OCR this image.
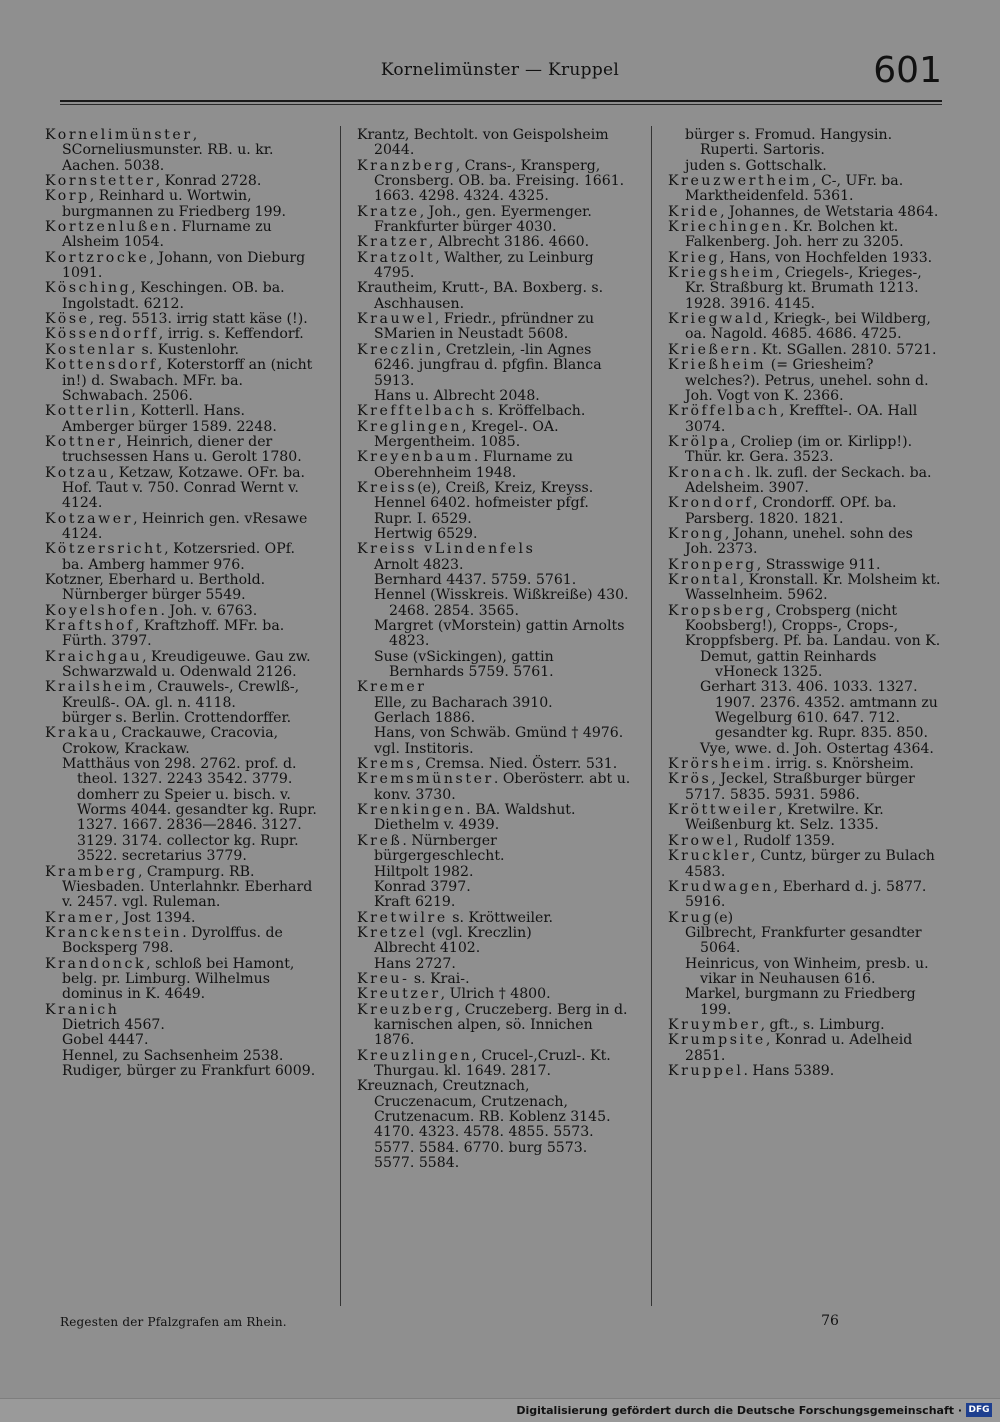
Kornelimünster — Kruppel	601

Kornelimünster, SCorneliusmunster. RB. u. kr. Aachen. 5038.

Kornstetter, Konrad 2728.

Korp, Reinhard u. Wortwin, burgmannen zu Friedberg 199.

Kortzenlußen. Flurname zu Alsheim 1054.

Kortzrocke, Johann, von Dieburg 1091.

Kösching, Keschingen. OB. ba. Ingolstadt. 6212.

Köse, reg. 5513. irrig statt käse (!).

Kössendorff, irrig. s. Keffendorf.

Kostenlar s. Kustenlohr.

Kottensdorf, Koterstorff an (nicht in!) d. Swabach. MFr. ba. Schwabach. 2506.

Kotterlin, Kotterll. Hans. Amberger bürger 1589. 2248.

Kottner, Heinrich, diener der truchsessen Hans u. Gerolt 1780.

Kotzau, Ketzaw, Kotzawe. OFr. ba. Hof. Taut v. 750. Conrad Wernt v. 4124.

Kotzawer, Heinrich gen. vResawe 4124.

Kötzersricht, Kotzersried. OPf. ba. Amberg hammer 976.

Kotzner, Eberhard u. Berthold. Nürnberger bürger 5549.

Koyelshofen. Joh. v. 6763.

Kraftshof, Kraftzhoff. MFr. ba. Fürth. 3797.

Kraichgau, Kreudigeuwe. Gau zw. Schwarzwald u. Odenwald 2126.

Krailsheim, Crauwels-, Crewlß-, Kreulß-. OA. gl. n. 4118.

bürger s. Berlin. Crottendorffer.

Krakau, Crackauwe, Cracovia, Crokow, Krackaw.

Matthäus von 298. 2762. prof. d. theol. 1327. 2243 3542. 3779. domherr zu Speier u. bisch. v. Worms 4044. gesandter kg. Rupr. 1327. 1667. 2836—2846. 3127. 3129. 3174. collector kg. Rupr. 3522. secretarius 3779.

Kramberg, Crampurg. RB. Wiesbaden. Unterlahnkr. Eberhard v. 2457. vgl. Ruleman.

Kramer, Jost 1394.

Kranckenstein. Dyrolffus. de Bocksperg 798.

Krandonck, schloß bei Hamont, belg. pr. Limburg. Wilhelmus dominus in K. 4649.

Kranich

Dietrich 4567.

Gobel 4447.

Hennel, zu Sachsenheim 2538.

Rudiger, bürger zu Frankfurt 6009.

Krantz, Bechtolt. von Geispolsheim 2044.

Kranzberg, Crans-, Kransperg, Cronsberg. OB. ba. Freising. 1661. 1663. 4298. 4324. 4325.

Kratze, Joh., gen. Eyermenger. Frankfurter bürger 4030.

Kratzer, Albrecht 3186. 4660.

Kratzolt, Walther, zu Leinburg 4795.

Krautheim, Krutt-, BA. Boxberg. s. Aschhausen.

Krauwel, Friedr., pfründner zu SMarien in Neustadt 5608.

Kreczlin, Cretzlein, -lin Agnes 6246. jungfrau d. pfgfin. Blanca 5913.

Hans u. Albrecht 2048.

Krefftelbach s. Kröffelbach.

Kreglingen, Kregel-. OA. Mergentheim. 1085.

Kreyenbaum. Flurname zu Oberehnheim 1948.

Kreiss(e), Creiß, Kreiz, Kreyss. Hennel 6402. hofmeister pfgf. Rupr. I. 6529.

Hertwig 6529.

Kreiss vLindenfels

Arnolt 4823.

Bernhard 4437. 5759. 5761.

Hennel (Wisskreis. Wißkreiße) 430. 2468. 2854. 3565.

Margret (vMorstein) gattin Arnolts 4823.

Suse (vSickingen), gattin Bernhards 5759. 5761.

Kremer

Elle, zu Bacharach 3910.

Gerlach 1886.

Hans, von Schwäb. Gmünd † 4976.

vgl. Institoris.

Krems, Cremsa. Nied. Österr. 531.

Kremsmünster. Oberösterr. abt u. konv. 3730.

Krenkingen. BA. Waldshut. Diethelm v. 4939.

Kreß. Nürnberger bürgergeschlecht.

Hiltpolt 1982.

Konrad 3797.

Kraft 6219.

Kretwilre s. Kröttweiler.

Kretzel (vgl. Kreczlin)

Albrecht 4102.

Hans 2727.

Kreu- s. Krai-.

Kreutzer, Ulrich † 4800.

Kreuzberg, Cruczeberg. Berg in d. karnischen alpen, sö. Innichen 1876.

Kreuzlingen, Crucel-,Cruzl-. Kt. Thurgau. kl. 1649. 2817.

Kreuznach, Creutznach, Cruczenacum, Crutzenach, Crutzenacum. RB. Koblenz 3145. 4170. 4323. 4578. 4855. 5573. 5577. 5584. 6770. burg 5573. 5577. 5584.

bürger s. Fromud. Hangysin. Ruperti. Sartoris.

juden s. Gottschalk.

Kreuzwertheim, C-, UFr. ba. Marktheidenfeld. 5361.

Kride, Johannes, de Wetstaria 4864.

Kriechingen. Kr. Bolchen kt. Falkenberg. Joh. herr zu 3205.

Krieg, Hans, von Hochfelden 1933.

Kriegsheim, Criegels-, Krieges-, Kr. Straßburg kt. Brumath 1213. 1928. 3916. 4145.

Kriegwald, Kriegk-, bei Wildberg, oa. Nagold. 4685. 4686. 4725.

Krießern. Kt. SGallen. 2810. 5721.

Krießheim (= Griesheim? welches?). Petrus, unehel. sohn d. Joh. Vogt von K. 2366.

Kröffelbach, Krefftel-. OA. Hall 3074.

Krölpa, Croliep (im or. Kirlipp!). Thür. kr. Gera. 3523.

Kronach. lk. zufl. der Seckach. ba. Adelsheim. 3907.

Krondorf, Crondorff. OPf. ba. Parsberg. 1820. 1821.

Krong, Johann, unehel. sohn des Joh. 2373.

Kronperg, Strasswige 911.

Krontal, Kronstall. Kr. Molsheim kt. Wasselnheim. 5962.

Kropsberg, Crobsperg (nicht Koobsberg!), Cropps-, Crops-, Kroppfsberg. Pf. ba. Landau. von K.

Demut, gattin Reinhards vHoneck 1325.

Gerhart 313. 406. 1033. 1327. 1907. 2376. 4352. amtmann zu Wegelburg 610. 647. 712. gesandter kg. Rupr. 835. 850.

Vye, wwe. d. Joh. Ostertag 4364.

Krörsheim. irrig. s. Knörsheim.

Krös, Jeckel, Straßburger bürger 5717. 5835. 5931. 5986.

Kröttweiler, Kretwilre. Kr. Weißenburg kt. Selz. 1335.

Krowel, Rudolf 1359.

Kruckler, Cuntz, bürger zu Bulach 4583.

Krudwagen, Eberhard d. j. 5877. 5916.

Krug(e)

Gilbrecht, Frankfurter gesandter 5064.

Heinricus, von Winheim, presb. u. vikar in Neuhausen 616.

Markel, burgmann zu Friedberg 199.

Kruymber, gft., s. Limburg.

Krumpsite, Konrad u. Adelheid 2851.

Kruppel. Hans 5389.

Regesten der Pfalzgrafen am Rhein.	76
Digitalisierung gefördert durch die Deutsche Forschungsgemeinschaft · DFG
